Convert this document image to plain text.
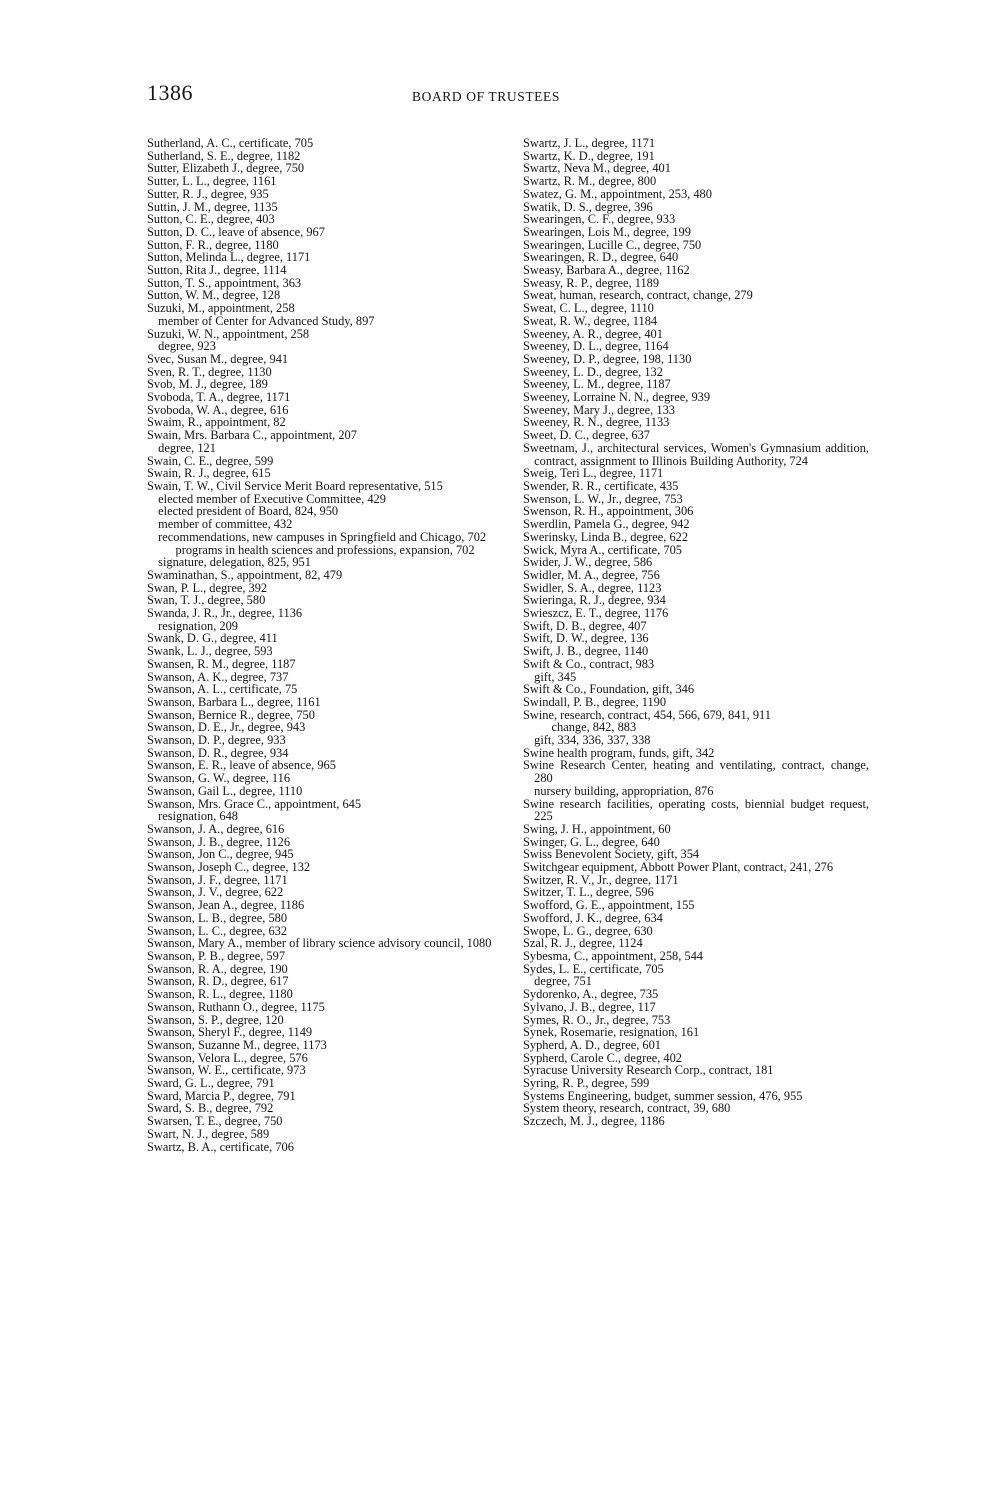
1386	BOARD OF TRUSTEES
Sutherland, A. C., certificate, 705
Sutherland, S. E., degree, 1182
Sutter, Elizabeth J., degree, 750
Sutter, L. L., degree, 1161
Sutter, R. J., degree, 935
Suttin, J. M., degree, 1135
Sutton, C. E., degree, 403
Sutton, D. C., leave of absence, 967
Sutton, F. R., degree, 1180
Sutton, Melinda L., degree, 1171
Sutton, Rita J., degree, 1114
Sutton, T. S., appointment, 363
Sutton, W. M., degree, 128
Suzuki, M., appointment, 258
member of Center for Advanced Study, 897
Suzuki, W. N., appointment, 258
degree, 923
Svec, Susan M., degree, 941
Sven, R. T., degree, 1130
Svob, M. J., degree, 189
Svoboda, T. A., degree, 1171
Svoboda, W. A., degree, 616
Swaim, R., appointment, 82
Swain, Mrs. Barbara C., appointment, 207
degree, 121
Swain, C. E., degree, 599
Swain, R. J., degree, 615
Swain, T. W., Civil Service Merit Board representative, 515
elected member of Executive Committee, 429
elected president of Board, 824, 950
member of committee, 432
recommendations, new campuses in Springfield and Chicago, 702
programs in health sciences and professions, expansion, 702
signature, delegation, 825, 951
Swaminathan, S., appointment, 82, 479
Swan, P. L., degree, 392
Swan, T. J., degree, 580
Swanda, J. R., Jr., degree, 1136
resignation, 209
Swank, D. G., degree, 411
Swank, L. J., degree, 593
Swansen, R. M., degree, 1187
Swanson, A. K., degree, 737
Swanson, A. L., certificate, 75
Swanson, Barbara L., degree, 1161
Swanson, Bernice R., degree, 750
Swanson, D. E., Jr., degree, 943
Swanson, D. P., degree, 933
Swanson, D. R., degree, 934
Swanson, E. R., leave of absence, 965
Swanson, G. W., degree, 116
Swanson, Gail L., degree, 1110
Swanson, Mrs. Grace C., appointment, 645
resignation, 648
Swanson, J. A., degree, 616
Swanson, J. B., degree, 1126
Swanson, Jon C., degree, 945
Swanson, Joseph C., degree, 132
Swanson, J. F., degree, 1171
Swanson, J. V., degree, 622
Swanson, Jean A., degree, 1186
Swanson, L. B., degree, 580
Swanson, L. C., degree, 632
Swanson, Mary A., member of library science advisory council, 1080
Swanson, P. B., degree, 597
Swanson, R. A., degree, 190
Swanson, R. D., degree, 617
Swanson, R. L., degree, 1180
Swanson, Ruthann O., degree, 1175
Swanson, S. P., degree, 120
Swanson, Sheryl F., degree, 1149
Swanson, Suzanne M., degree, 1173
Swanson, Velora L., degree, 576
Swanson, W. E., certificate, 973
Sward, G. L., degree, 791
Sward, Marcia P., degree, 791
Sward, S. B., degree, 792
Swarsen, T. E., degree, 750
Swart, N. J., degree, 589
Swartz, B. A., certificate, 706
Swartz, J. L., degree, 1171
Swartz, K. D., degree, 191
Swartz, Neva M., degree, 401
Swartz, R. M., degree, 800
Swatez, G. M., appointment, 253, 480
Swatik, D. S., degree, 396
Swearingen, C. F., degree, 933
Swearingen, Lois M., degree, 199
Swearingen, Lucille C., degree, 750
Swearingen, R. D., degree, 640
Sweasy, Barbara A., degree, 1162
Sweasy, R. P., degree, 1189
Sweat, human, research, contract, change, 279
Sweat, C. L., degree, 1110
Sweat, R. W., degree, 1184
Sweeney, A. R., degree, 401
Sweeney, D. L., degree, 1164
Sweeney, D. P., degree, 198, 1130
Sweeney, L. D., degree, 132
Sweeney, L. M., degree, 1187
Sweeney, Lorraine N. N., degree, 939
Sweeney, Mary J., degree, 133
Sweeney, R. N., degree, 1133
Sweet, D. C., degree, 637
Sweetnam, J., architectural services, Women's Gymnasium addition, contract, assignment to Illinois Building Authority, 724
Sweig, Teri L., degree, 1171
Swender, R. R., certificate, 435
Swenson, L. W., Jr., degree, 753
Swenson, R. H., appointment, 306
Swerdlin, Pamela G., degree, 942
Swerinsky, Linda B., degree, 622
Swick, Myra A., certificate, 705
Swider, J. W., degree, 586
Swidler, M. A., degree, 756
Swidler, S. A., degree, 1123
Swieringa, R. J., degree, 934
Swieszcz, E. T., degree, 1176
Swift, D. B., degree, 407
Swift, D. W., degree, 136
Swift, J. B., degree, 1140
Swift & Co., contract, 983
gift, 345
Swift & Co., Foundation, gift, 346
Swindall, P. B., degree, 1190
Swine, research, contract, 454, 566, 679, 841, 911
change, 842, 883
gift, 334, 336, 337, 338
Swine health program, funds, gift, 342
Swine Research Center, heating and ventilating, contract, change, 280
nursery building, appropriation, 876
Swine research facilities, operating costs, biennial budget request, 225
Swing, J. H., appointment, 60
Swinger, G. L., degree, 640
Swiss Benevolent Society, gift, 354
Switchgear equipment, Abbott Power Plant, contract, 241, 276
Switzer, R. V., Jr., degree, 1171
Switzer, T. L., degree, 596
Swofford, G. E., appointment, 155
Swofford, J. K., degree, 634
Swope, L. G., degree, 630
Szal, R. J., degree, 1124
Sybesma, C., appointment, 258, 544
Sydes, L. E., certificate, 705
degree, 751
Sydorenko, A., degree, 735
Sylvano, J. B., degree, 117
Symes, R. O., Jr., degree, 753
Synek, Rosemarie, resignation, 161
Sypherd, A. D., degree, 601
Sypherd, Carole C., degree, 402
Syracuse University Research Corp., contract, 181
Syring, R. P., degree, 599
Systems Engineering, budget, summer session, 476, 955
System theory, research, contract, 39, 680
Szczech, M. J., degree, 1186
